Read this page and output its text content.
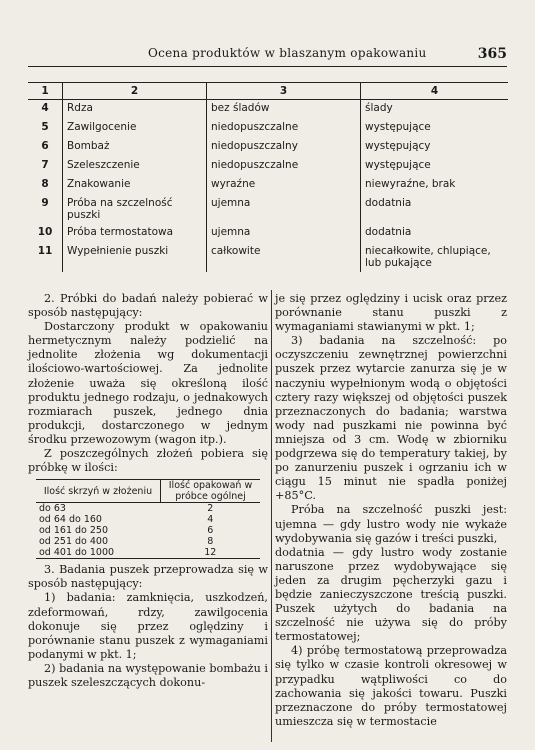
Ocena produktów w blaszanym opakowaniu	365
1	2	3	4
4	Rdza	bez śladów	ślady
5	Zawilgocenie	niedopuszczalne	występujące
6	Bombaż	niedopuszczalny	występujący
7	Szeleszczenie	niedopuszczalne	występujące
8	Znakowanie	wyraźne	niewyraźne, brak
9	Próba na szczelność puszki	ujemna	dodatnia
10	Próba termostatowa	ujemna	dodatnia
11	Wypełnienie puszki	całkowite	niecałkowite, chlupiące, lub pukające

2. Próbki do badań należy pobierać w sposób następujący:

Dostarczony produkt w opakowaniu hermetycznym należy podzielić na jednolite złożenia wg dokumentacji ilościowo-wartościowej. Za jednolite złożenie uważa się określoną ilość produktu jednego rodzaju, o jednakowych rozmiarach puszek, jednego dnia produkcji, dostarczonego w jednym środku przewozowym (wagon itp.).

Z poszczególnych złożeń pobiera się próbkę w ilości:

Ilość skrzyń w złożeniu	Ilość opakowań w próbce ogólnej
do 63	2
od 64 do 160	4
od 161 do 250	6
od 251 do 400	8
od 401 do 1000	12

3. Badania puszek przeprowadza się w sposób następujący:

1) badania: zamknięcia, uszkodzeń, zdeformowań, rdzy, zawilgocenia dokonuje się przez oględziny i porównanie stanu puszek z wymaganiami podanymi w pkt. 1;

2) badania na występowanie bombażu i puszek szeleszczących dokonu-

je się przez oględziny i ucisk oraz przez porównanie stanu puszki z wymaganiami stawianymi w pkt. 1;

3) badania na szczelność: po oczyszczeniu zewnętrznej powierzchni puszek przez wytarcie zanurza się je w naczyniu wypełnionym wodą o objętości cztery razy większej od objętości puszek przeznaczonych do badania; warstwa wody nad puszkami nie powinna być mniejsza od 3 cm. Wodę w zbiorniku podgrzewa się do temperatury takiej, by po zanurzeniu puszek i ogrzaniu ich w ciągu 15 minut nie spadła poniżej +85°C.

Próba na szczelność puszki jest: ujemna — gdy lustro wody nie wykaże wydobywania się gazów i treści puszki,

dodatnia — gdy lustro wody zostanie naruszone przez wydobywające się jeden za drugim pęcherzyki gazu i będzie zanieczyszczone treścią puszki. Puszek użytych do badania na szczelność nie używa się do próby termostatowej;

4) próbę termostatową przeprowadza się tylko w czasie kontroli okresowej w przypadku wątpliwości co do zachowania się jakości towaru. Puszki przeznaczone do próby termostatowej umieszcza się w termostacie
